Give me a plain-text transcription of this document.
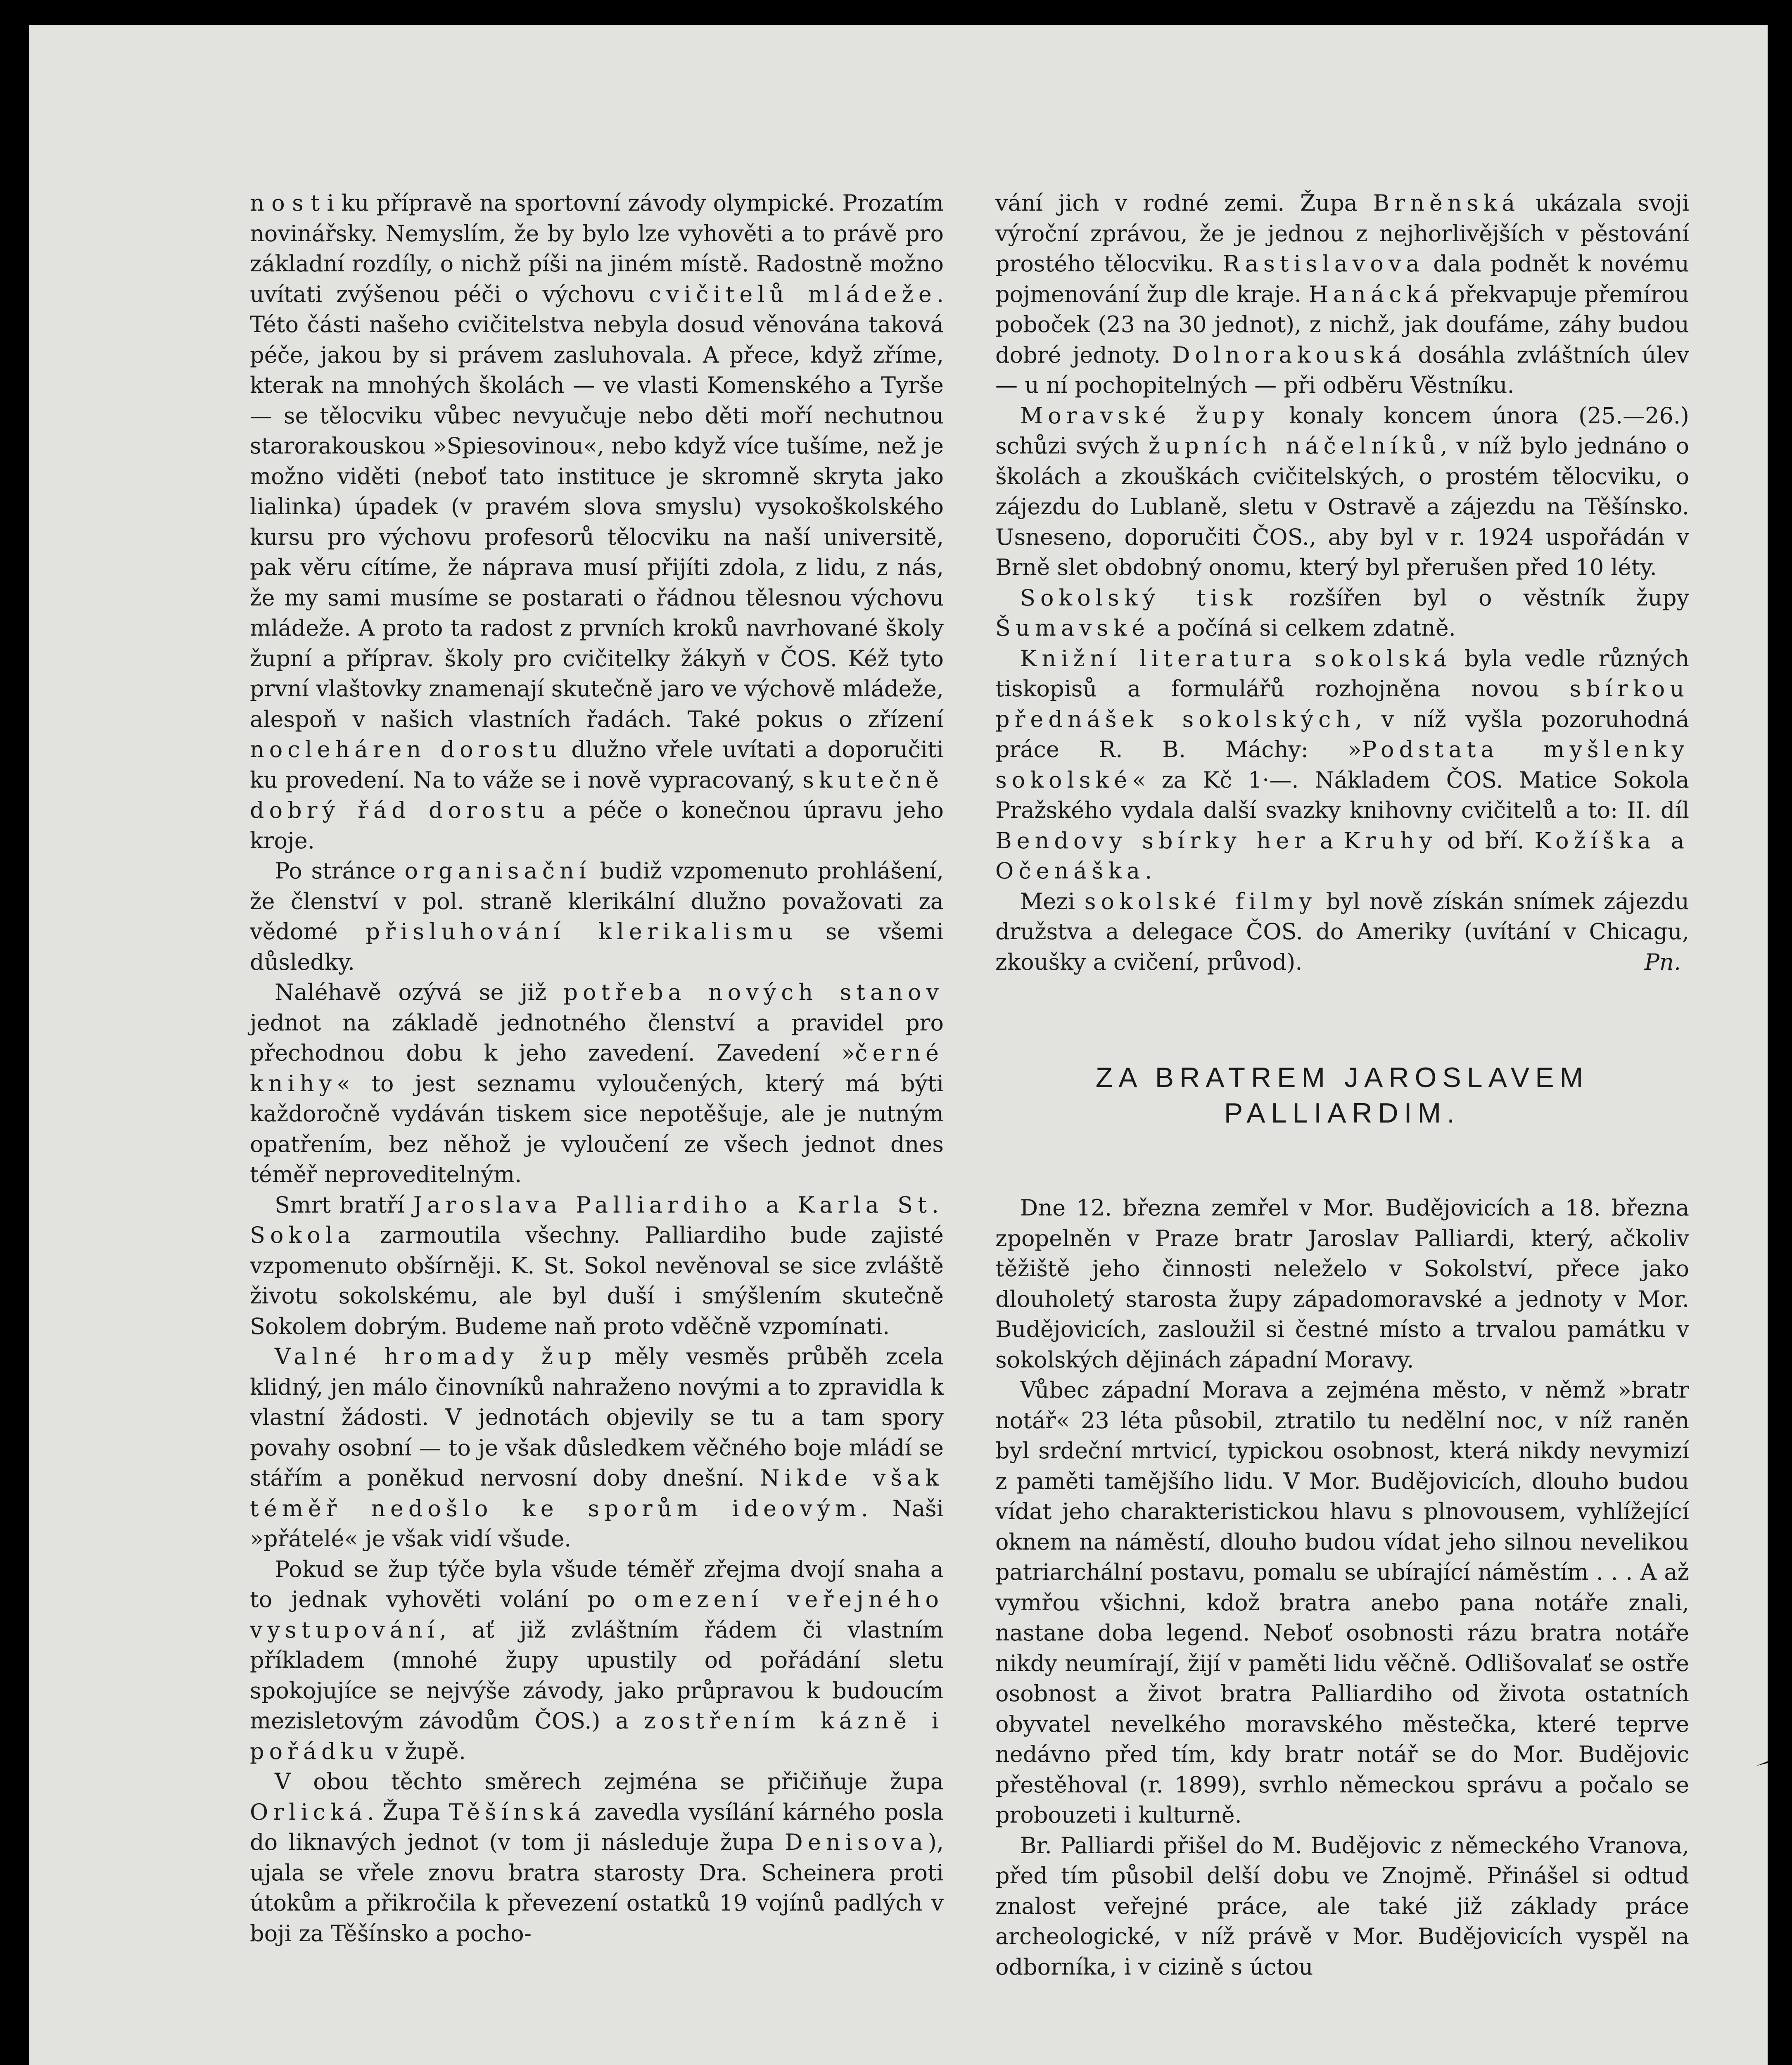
n o s t i ku přípravě na sportovní závody olympické. Prozatím novinářsky. Nemyslím, že by bylo lze vyhověti a to právě pro základní rozdíly, o nichž píši na jiném místě. Radostně možno uvítati zvýšenou péči o výchovu cvičitelů mládeže. Této části našeho cvičitelstva nebyla dosud věnována taková péče, jakou by si právem zasluhovala. A přece, když zříme, kterak na mnohých školách — ve vlasti Komenského a Tyrše — se tělocviku vůbec nevyučuje nebo děti moří nechutnou starorakouskou »Spiesovinou«, nebo když více tušíme, než je možno viděti (neboť tato instituce je skromně skryta jako lialinka) úpadek (v pravém slova smyslu) vysokoškolského kursu pro výchovu profesorů tělocviku na naší universitě, pak věru cítíme, že náprava musí přijíti zdola, z lidu, z nás, že my sami musíme se postarati o řádnou tělesnou výchovu mládeže. A proto ta radost z prvních kroků navrhované školy župní a příprav. školy pro cvičitelky žákyň v ČOS. Kéž tyto první vlaštovky znamenají skutečně jaro ve výchově mládeže, alespoň v našich vlastních řadách. Také pokus o zřízení nocleháren dorostu dlužno vřele uvítati a doporučiti ku provedení. Na to váže se i nově vypracovaný, skutečně dobrý řád dorostu a péče o konečnou úpravu jeho kroje.

Po stránce organisační budiž vzpomenuto prohlášení, že členství v pol. straně klerikální dlužno považovati za vědomé přisluhování klerikalismu se všemi důsledky.

Naléhavě ozývá se již potřeba nových stanov jednot na základě jednotného členství a pravidel pro přechodnou dobu k jeho zavedení. Zavedení »černé knihy« to jest seznamu vyloučených, který má býti každoročně vydáván tiskem sice nepotěšuje, ale je nutným opatřením, bez něhož je vyloučení ze všech jednot dnes téměř neproveditelným.

Smrt bratří Jaroslava Palliardiho a Karla St. Sokola zarmoutila všechny. Palliardiho bude zajisté vzpomenuto obšírněji. K. St. Sokol nevěnoval se sice zvláště životu sokolskému, ale byl duší i smýšlením skutečně Sokolem dobrým. Budeme naň proto vděčně vzpomínati.

Valné hromady žup měly vesměs průběh zcela klidný, jen málo činovníků nahraženo novými a to zpravidla k vlastní žádosti. V jednotách objevily se tu a tam spory povahy osobní — to je však důsledkem věčného boje mládí se stářím a poněkud nervosní doby dnešní. Nikde však téměř nedošlo ke sporům ideovým. Naši »přátelé« je však vidí všude.

Pokud se žup týče byla všude téměř zřejma dvojí snaha a to jednak vyhověti volání po omezení veřejného vystupování, ať již zvláštním řádem či vlastním příkladem (mnohé župy upustily od pořádání sletu spokojujíce se nejvýše závody, jako průpravou k budoucím mezisletovým závodům ČOS.) a zostřením kázně i pořádku v župě.

V obou těchto směrech zejména se přičiňuje župa Orlická. Župa Těšínská zavedla vysílání kárného posla do liknavých jednot (v tom ji následuje župa Denisova), ujala se vřele znovu bratra starosty Dra. Scheinera proti útokům a přikročila k převezení ostatků 19 vojínů padlých v boji za Těšínsko a pocho-

vání jich v rodné zemi. Župa Brněnská ukázala svoji výroční zprávou, že je jednou z nejhorlivějších v pěstování prostého tělocviku. Rastislavova dala podnět k novému pojmenování žup dle kraje. Hanácká překvapuje přemírou poboček (23 na 30 jednot), z nichž, jak doufáme, záhy budou dobré jednoty. Dolnorakouská dosáhla zvláštních úlev — u ní pochopitelných — při odběru Věstníku.

Moravské župy konaly koncem února (25.—26.) schůzi svých župních náčelníků, v níž bylo jednáno o školách a zkouškách cvičitelských, o prostém tělocviku, o zájezdu do Lublaně, sletu v Ostravě a zájezdu na Těšínsko. Usneseno, doporučiti ČOS., aby byl v r. 1924 uspořádán v Brně slet obdobný onomu, který byl přerušen před 10 léty.

Sokolský tisk rozšířen byl o věstník župy Šumavské a počíná si celkem zdatně.

Knižní literatura sokolská byla vedle různých tiskopisů a formulářů rozhojněna novou sbírkou přednášek sokolských, v níž vyšla pozoruhodná práce R. B. Máchy: »Podstata myšlenky sokolské« za Kč 1·—. Nákladem ČOS. Matice Sokola Pražského vydala další svazky knihovny cvičitelů a to: II. díl Bendovy sbírky her a Kruhy od bří. Kožíška a Očenáška.

Mezi sokolské filmy byl nově získán snímek zájezdu družstva a delegace ČOS. do Ameriky (uvítání v Chicagu, zkoušky a cvičení, průvod).	Pn.

ZA BRATREM JAROSLAVEM
PALLIARDIM.

Dne 12. března zemřel v Mor. Budějovicích a 18. března zpopelněn v Praze bratr Jaroslav Palliardi, který, ačkoliv těžiště jeho činnosti neleželo v Sokolství, přece jako dlouholetý starosta župy západomoravské a jednoty v Mor. Budějovicích, zasloužil si čestné místo a trvalou památku v sokolských dějinách západní Moravy.

Vůbec západní Morava a zejména město, v němž »bratr notář« 23 léta působil, ztratilo tu nedělní noc, v níž raněn byl srdeční mrtvicí, typickou osobnost, která nikdy nevymizí z paměti tamějšího lidu. V Mor. Budějovicích, dlouho budou vídat jeho charakteristickou hlavu s plnovousem, vyhlížející oknem na náměstí, dlouho budou vídat jeho silnou nevelikou patriarchální postavu, pomalu se ubírající náměstím . . . A až vymřou všichni, kdož bratra anebo pana notáře znali, nastane doba legend. Neboť osobnosti rázu bratra notáře nikdy neumírají, žijí v paměti lidu věčně. Odlišovalať se ostře osobnost a život bratra Palliardiho od života ostatních obyvatel nevelkého moravského městečka, které teprve nedávno před tím, kdy bratr notář se do Mor. Budějovic přestěhoval (r. 1899), svrhlo německou správu a počalo se probouzeti i kulturně.

Br. Palliardi přišel do M. Budějovic z německého Vranova, před tím působil delší dobu ve Znojmě. Přinášel si odtud znalost veřejné práce, ale také již základy práce archeologické, v níž právě v Mor. Budějovicích vyspěl na odborníka, i v cizině s úctou
